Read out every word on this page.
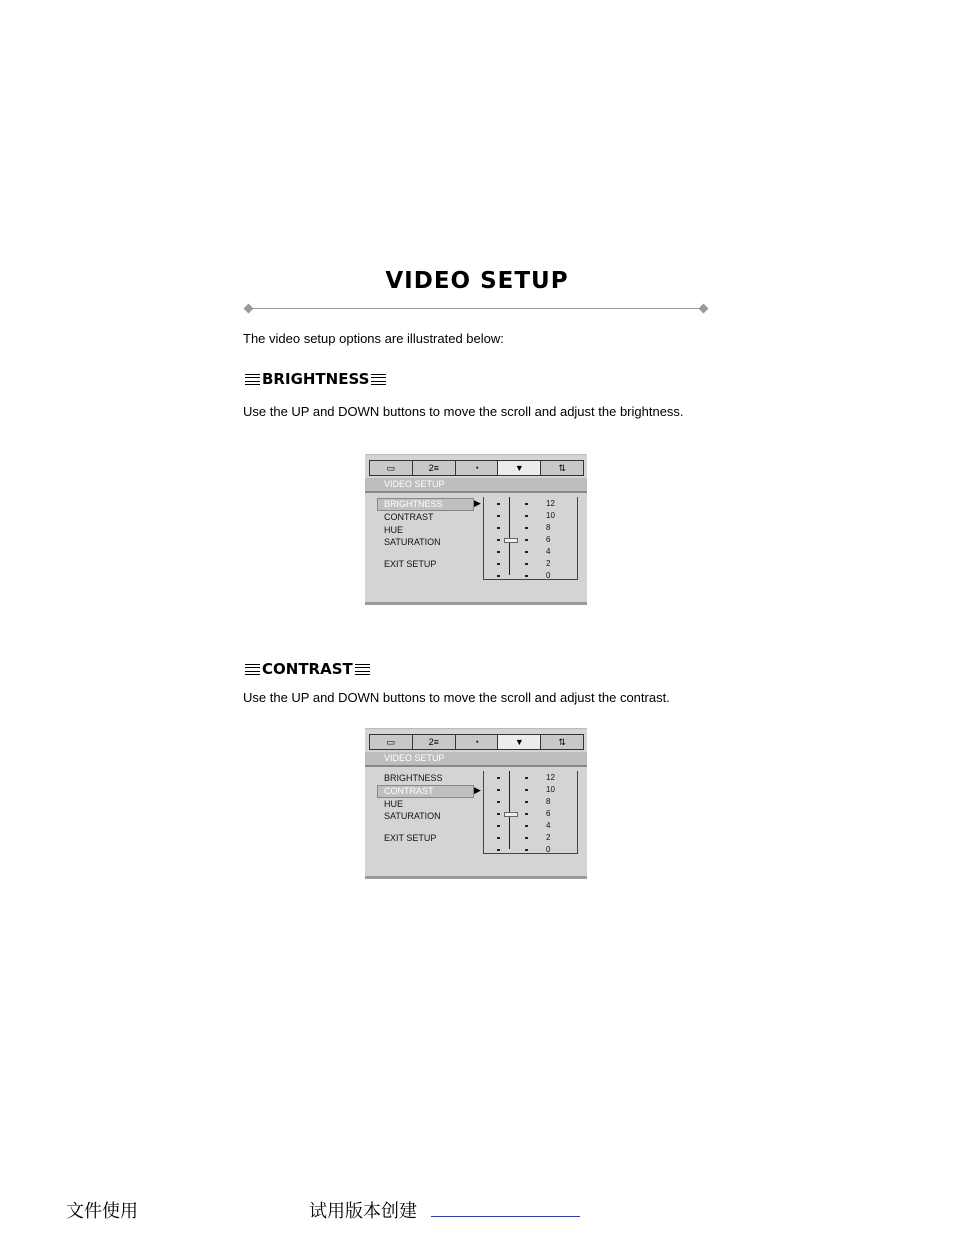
VIDEO SETUP
The video setup options are illustrated below:
BRIGHTNESS
Use the UP and DOWN buttons to move the scroll and adjust the brightness.
▭	2≡	◔	▼	⇅
VIDEO SETUP
▶
BRIGHTNESS
CONTRAST
HUE
SATURATION
EXIT SETUP
12
10
8
6
4
2
0
CONTRAST
Use the UP and DOWN buttons to move the scroll and adjust the contrast.
▭	2≡	◔	▼	⇅
VIDEO SETUP
▶
BRIGHTNESS
CONTRAST
HUE
SATURATION
EXIT SETUP
12
10
8
6
4
2
0
文件使用	试用版本创建
